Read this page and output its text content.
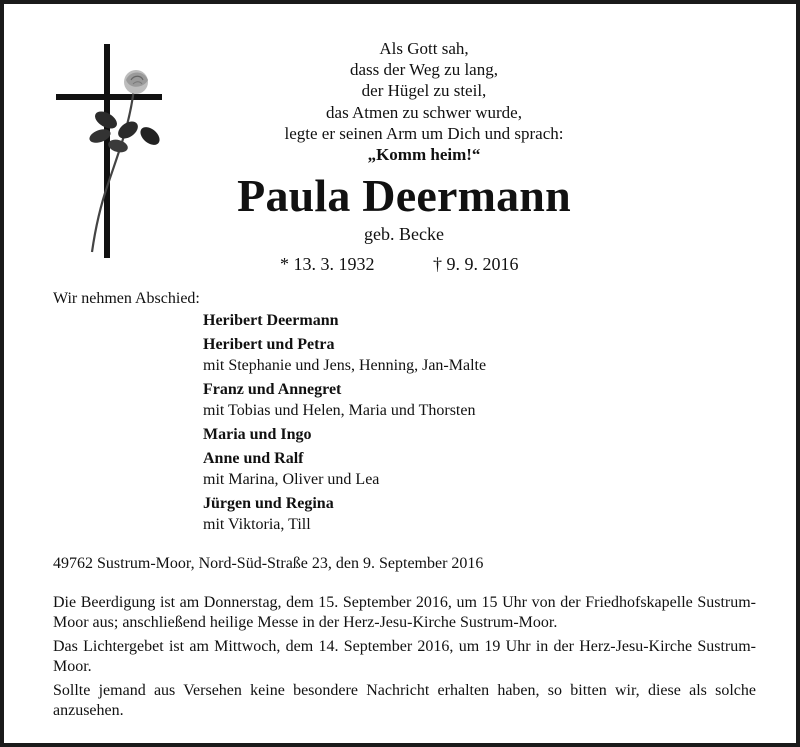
Als Gott sah,
dass der Weg zu lang,
der Hügel zu steil,
das Atmen zu schwer wurde,
legte er seinen Arm um Dich und sprach:
„Komm heim!“
Paula Deermann
geb. Becke
* 13. 3. 1932	† 9. 9. 2016
Wir nehmen Abschied:
Heribert Deermann
Heribert und Petra
mit Stephanie und Jens, Henning, Jan-Malte
Franz und Annegret
mit Tobias und Helen, Maria und Thorsten
Maria und Ingo
Anne und Ralf
mit Marina, Oliver und Lea
Jürgen und Regina
mit Viktoria, Till
49762 Sustrum-Moor, Nord-Süd-Straße 23, den 9. September 2016

Die Beerdigung ist am Donnerstag, dem 15. September 2016, um 15 Uhr von der Friedhofskapelle Sustrum-Moor aus; anschließend heilige Messe in der Herz-Jesu-Kirche Sustrum-Moor.

Das Lichtergebet ist am Mittwoch, dem 14. September 2016, um 19 Uhr in der Herz-Jesu-Kirche Sustrum-Moor.

Sollte jemand aus Versehen keine besondere Nachricht erhalten haben, so bitten wir, diese als solche anzusehen.
